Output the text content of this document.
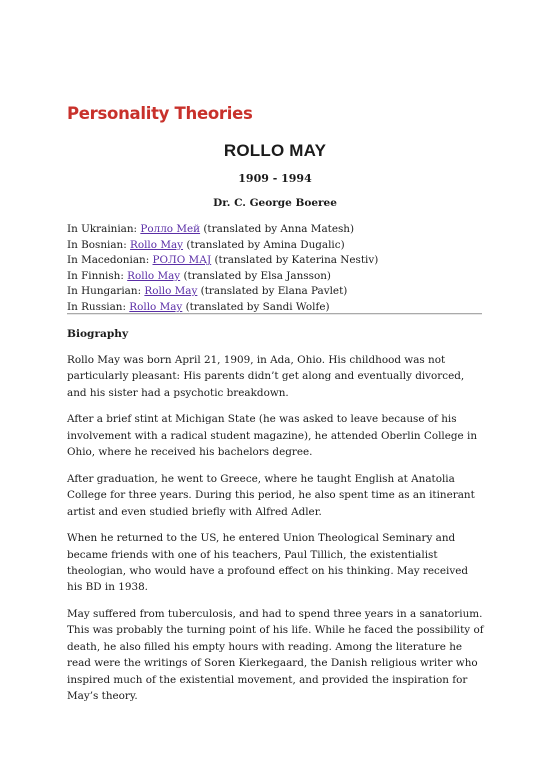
Personality Theories
ROLLO MAY
1909 - 1994
Dr. C. George Boeree
In Ukrainian: Ролло Мей (translated by Anna Matesh)
In Bosnian: Rollo May (translated by Amina Dugalic)
In Macedonian: РОЛО МАЈ (translated by Katerina Nestiv)
In Finnish: Rollo May (translated by Elsa Jansson)
In Hungarian: Rollo May (translated by Elana Pavlet)
In Russian: Rollo May (translated by Sandi Wolfe)
Biography

Rollo May was born April 21, 1909, in Ada, Ohio. His childhood was not
particularly pleasant: His parents didn’t get along and eventually divorced,
and his sister had a psychotic breakdown.

After a brief stint at Michigan State (he was asked to leave because of his
involvement with a radical student magazine), he attended Oberlin College in
Ohio, where he received his bachelors degree.

After graduation, he went to Greece, where he taught English at Anatolia
College for three years. During this period, he also spent time as an itinerant
artist and even studied briefly with Alfred Adler.

When he returned to the US, he entered Union Theological Seminary and
became friends with one of his teachers, Paul Tillich, the existentialist
theologian, who would have a profound effect on his thinking. May received
his BD in 1938.

May suffered from tuberculosis, and had to spend three years in a sanatorium.
This was probably the turning point of his life. While he faced the possibility of
death, he also filled his empty hours with reading. Among the literature he
read were the writings of Soren Kierkegaard, the Danish religious writer who
inspired much of the existential movement, and provided the inspiration for
May’s theory.
